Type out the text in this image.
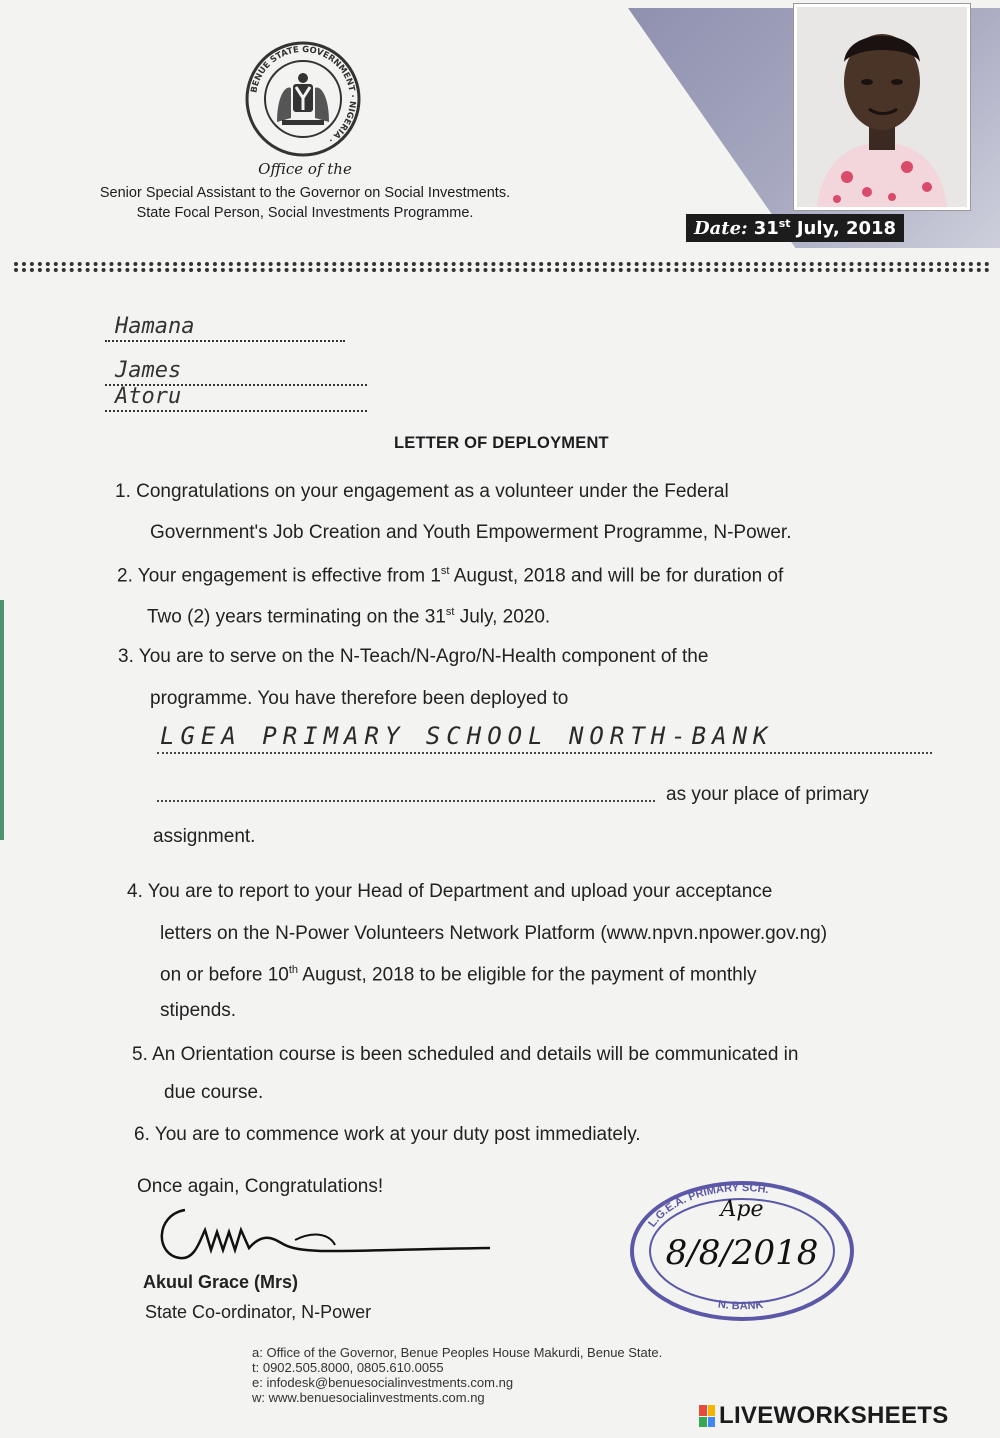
BENUE STATE GOVERNMENT · NIGERIA ·
Office of the
Senior Special Assistant to the Governor on Social Investments.
State Focal Person, Social Investments Programme.
Date: 31st July, 2018
Hamana
James
Atoru
LETTER OF DEPLOYMENT
1. Congratulations on your engagement as a volunteer under the Federal
Government's Job Creation and Youth Empowerment Programme, N-Power.
2. Your engagement is effective from 1st August, 2018 and will be for duration of
Two (2) years terminating on the 31st July, 2020.
3. You are to serve on the N-Teach/N-Agro/N-Health component of the
programme. You have therefore been deployed to
LGEA PRIMARY SCHOOL NORTH-BANK
as your place of primary
assignment.
4. You are to report to your Head of Department and upload your acceptance
letters on the N-Power Volunteers Network Platform (www.npvn.npower.gov.ng)
on or before 10th August, 2018 to be eligible for the payment of monthly
stipends.
5. An Orientation course is been scheduled and details will be communicated in
due course.
6. You are to commence work at your duty post immediately.
Once again, Congratulations!
Akuul Grace (Mrs)
State Co-ordinator, N-Power
L.G.E.A. PRIMARY SCH.
N. BANK
Ape
8/8/2018
a: Office of the Governor, Benue Peoples House Makurdi, Benue State.
t: 0902.505.8000, 0805.610.0055
e: infodesk@benuesocialinvestments.com.ng
w: www.benuesocialinvestments.com.ng
LIVEWORKSHEETS
